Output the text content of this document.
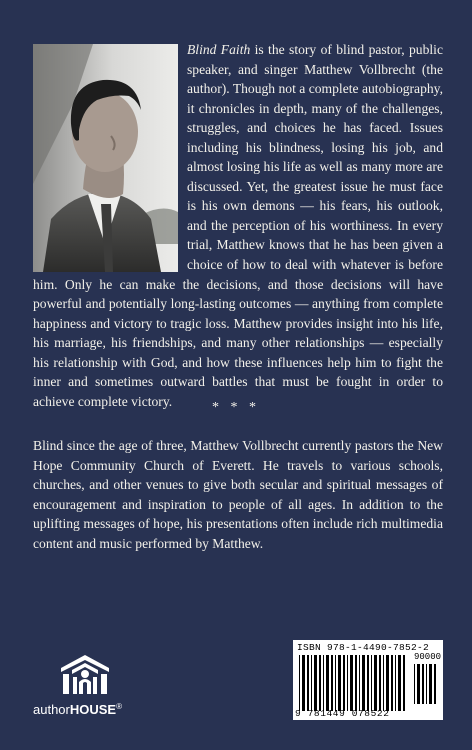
Blind Faith is the story of blind pastor, public speaker, and singer Matthew Vollbrecht (the author). Though not a complete autobiography, it chronicles in depth, many of the challenges, struggles, and choices he has faced. Issues including his blindness, losing his job, and almost losing his life as well as many more are discussed. Yet, the greatest issue he must face is his own demons — his fears, his outlook, and the perception of his worthiness. In every trial, Matthew knows that he has been given a choice of how to deal with whatever is before him. Only he can make the decisions, and those decisions will have powerful and potentially long-lasting outcomes — anything from complete happiness and victory to tragic loss. Matthew provides insight into his life, his marriage, his friendships, and many other relationships — especially his relationship with God, and how these influences help him to fight the inner and sometimes outward battles that must be fought in order to achieve complete victory.	* * *

Blind since the age of three, Matthew Vollbrecht currently pastors the New Hope Community Church of Everett. He travels to various schools, churches, and other venues to give both secular and spiritual messages of encouragement and inspiration to people of all ages. In addition to the uplifting messages of hope, his presentations often include rich multimedia content and music performed by Matthew.

authorHOUSE®
ISBN 978-1-4490-7852-2
90000
9 781449 078522
